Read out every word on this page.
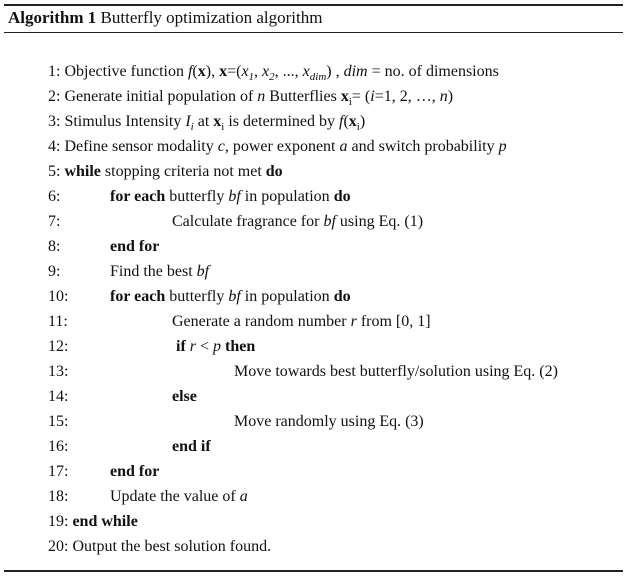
Algorithm 1 Butterfly optimization algorithm
1: Objective function f(x), $x=(x_1$, $x_2$, ..., $x_{dim}$) , dim = no. of dimensions
2: Generate initial population of n Butterflies $x_i= (i=1$, 2, …, n)
3: Stimulus Intensity $I_i$ at $x_i$ is determined by $f(x_i)$
4: Define sensor modality c, power exponent a and switch probability p
5: while stopping criteria not met do
6:	for each butterfly bf in population do
7:	Calculate fragrance for bf using Eq. (1)
8:	end for
9:	Find the best bf
10:	for each butterfly bf in population do
11:	Generate a random number r from [0, 1]
12:	if r < p then
13:	Move towards best butterfly/solution using Eq. (2)
14:	else
15:	Move randomly using Eq. (3)
16:	end if
17:	end for
18:	Update the value of a
19: end while
20: Output the best solution found.
